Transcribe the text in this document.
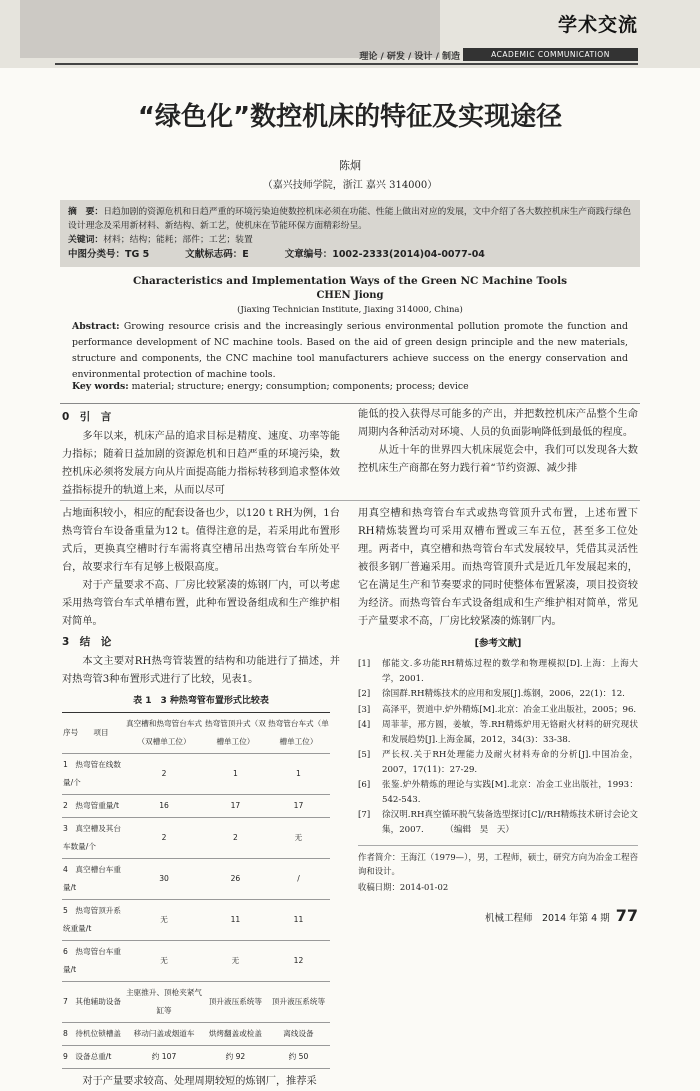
学术交流
理论 / 研发 / 设计 / 制造	ACADEMIC COMMUNICATION
“绿色化”数控机床的特征及实现途径
陈炯
（嘉兴技师学院，浙江 嘉兴 314000）
摘　要：日趋加剧的资源危机和日趋严重的环境污染迫使数控机床必须在功能、性能上做出对应的发展，文中介绍了各大数控机床生产商践行绿色设计理念及采用新材料、新结构、新工艺，使机床在节能环保方面精彩纷呈。
关键词：材料；结构；能耗；部件；工艺；装置
中图分类号：TG 5	文献标志码：E	文章编号：1002-2333(2014)04-0077-04
Characteristics and Implementation Ways of the Green NC Machine Tools
CHEN Jiong
(Jiaxing Technician Institute, Jiaxing 314000, China)
Abstract: Growing resource crisis and the increasingly serious environmental pollution promote the function and performance development of NC machine tools. Based on the aid of green design principle and the new materials, structure and components, the CNC machine tool manufacturers achieve success on the energy conservation and environmental protection of machine tools.
Key words: material; structure; energy; consumption; components; process; device
0　引　言

多年以来，机床产品的追求目标是精度、速度、功率等能力指标；随着日益加剧的资源危机和日趋严重的环境污染，数控机床必须将发展方向从片面提高能力指标转移到追求整体效益指标提升的轨道上来，从而以尽可

能低的投入获得尽可能多的产出，并把数控机床产品整个生命周期内各种活动对环境、人员的负面影响降低到最低的程度。

从近十年的世界四大机床展览会中，我们可以发现各大数控机床生产商都在努力践行着“节约资源、减少排

占地面积较小，相应的配套设备也少，以120 t RH为例，1台热弯管台车设备重量为12 t。值得注意的是，若采用此布置形式后，更换真空槽时行车需将真空槽吊出热弯管台车所处平台，故要求行车有足够上极限高度。

对于产量要求不高、厂房比较紧凑的炼钢厂内，可以考虑采用热弯管台车式单槽布置，此种布置设备组成和生产维护相对简单。

3　结　论

本文主要对RH热弯管装置的结构和功能进行了描述，并对热弯管3种布置形式进行了比较，见表1。

表 1　3 种热弯管布置形式比较表
序号　　项目	真空槽和热弯管台车式（双槽单工位）	热弯管顶升式（双槽单工位）	热弯管台车式（单槽单工位）
1　热弯管在线数量/个	2	1	1
2　热弯管重量/t	16	17	17
3　真空槽及其台车数量/个	2	2	无
4　真空槽台车重量/t	30	26	/
5　热弯管顶升系统重量/t	无	11	11
6　热弯管台车重量/t	无	无	12
7　其他辅助设备	主驱推升、顶枪夹紧气缸等	顶升液压系统等	顶升液压系统等
8　待机位锁槽盖	移动闩盖或烟道车	烘烤翻盖或检盖	离线设备
9　设备总重/t	约 107	约 92	约 50

对于产量要求较高、处理周期较短的炼钢厂，推荐采

用真空槽和热弯管台车式或热弯管顶升式布置，上述布置下RH精炼装置均可采用双槽布置或三车五位，甚至多工位处理。两者中，真空槽和热弯管台车式发展较早，凭借其灵活性被很多钢厂普遍采用。而热弯管顶升式是近几年发展起来的，它在满足生产和节奏要求的同时使整体布置紧凑，项目投资较为经济。而热弯管台车式设备组成和生产维护相对简单，常见于产量要求不高，厂房比较紧凑的炼钢厂内。

[参考文献]
[1]	郁能文.多功能RH精炼过程的数学和物理模拟[D].上海：上海大学，2001.
[2]	徐国群.RH精炼技术的应用和发展[J].炼钢，2006，22(1)：12.
[3]	高泽平，贺道中.炉外精炼[M].北京：冶金工业出版社，2005；96.
[4]	周菲菲，邢方圆，姜敏，等.RH精炼炉用无铬耐火材料的研究现状和发展趋势[J].上海金属，2012，34(3)：33-38.
[5]	严长权.关于RH处理能力及耐火材料寿命的分析[J].中国冶金，2007，17(11)：27-29.
[6]	张鉴.炉外精炼的理论与实践[M].北京：冶金工业出版社，1993：542-543.
[7]	徐汉明.RH真空循环脱气装备选型探讨[C]//RH精炼技术研讨会论文集，2007.　　　（编辑　昊　天）
作者简介：王海江（1979—），男，工程师，硕士，研究方向为冶金工程咨询和设计。
收稿日期：2014-01-02
机械工程师　2014 年第 4 期 77
